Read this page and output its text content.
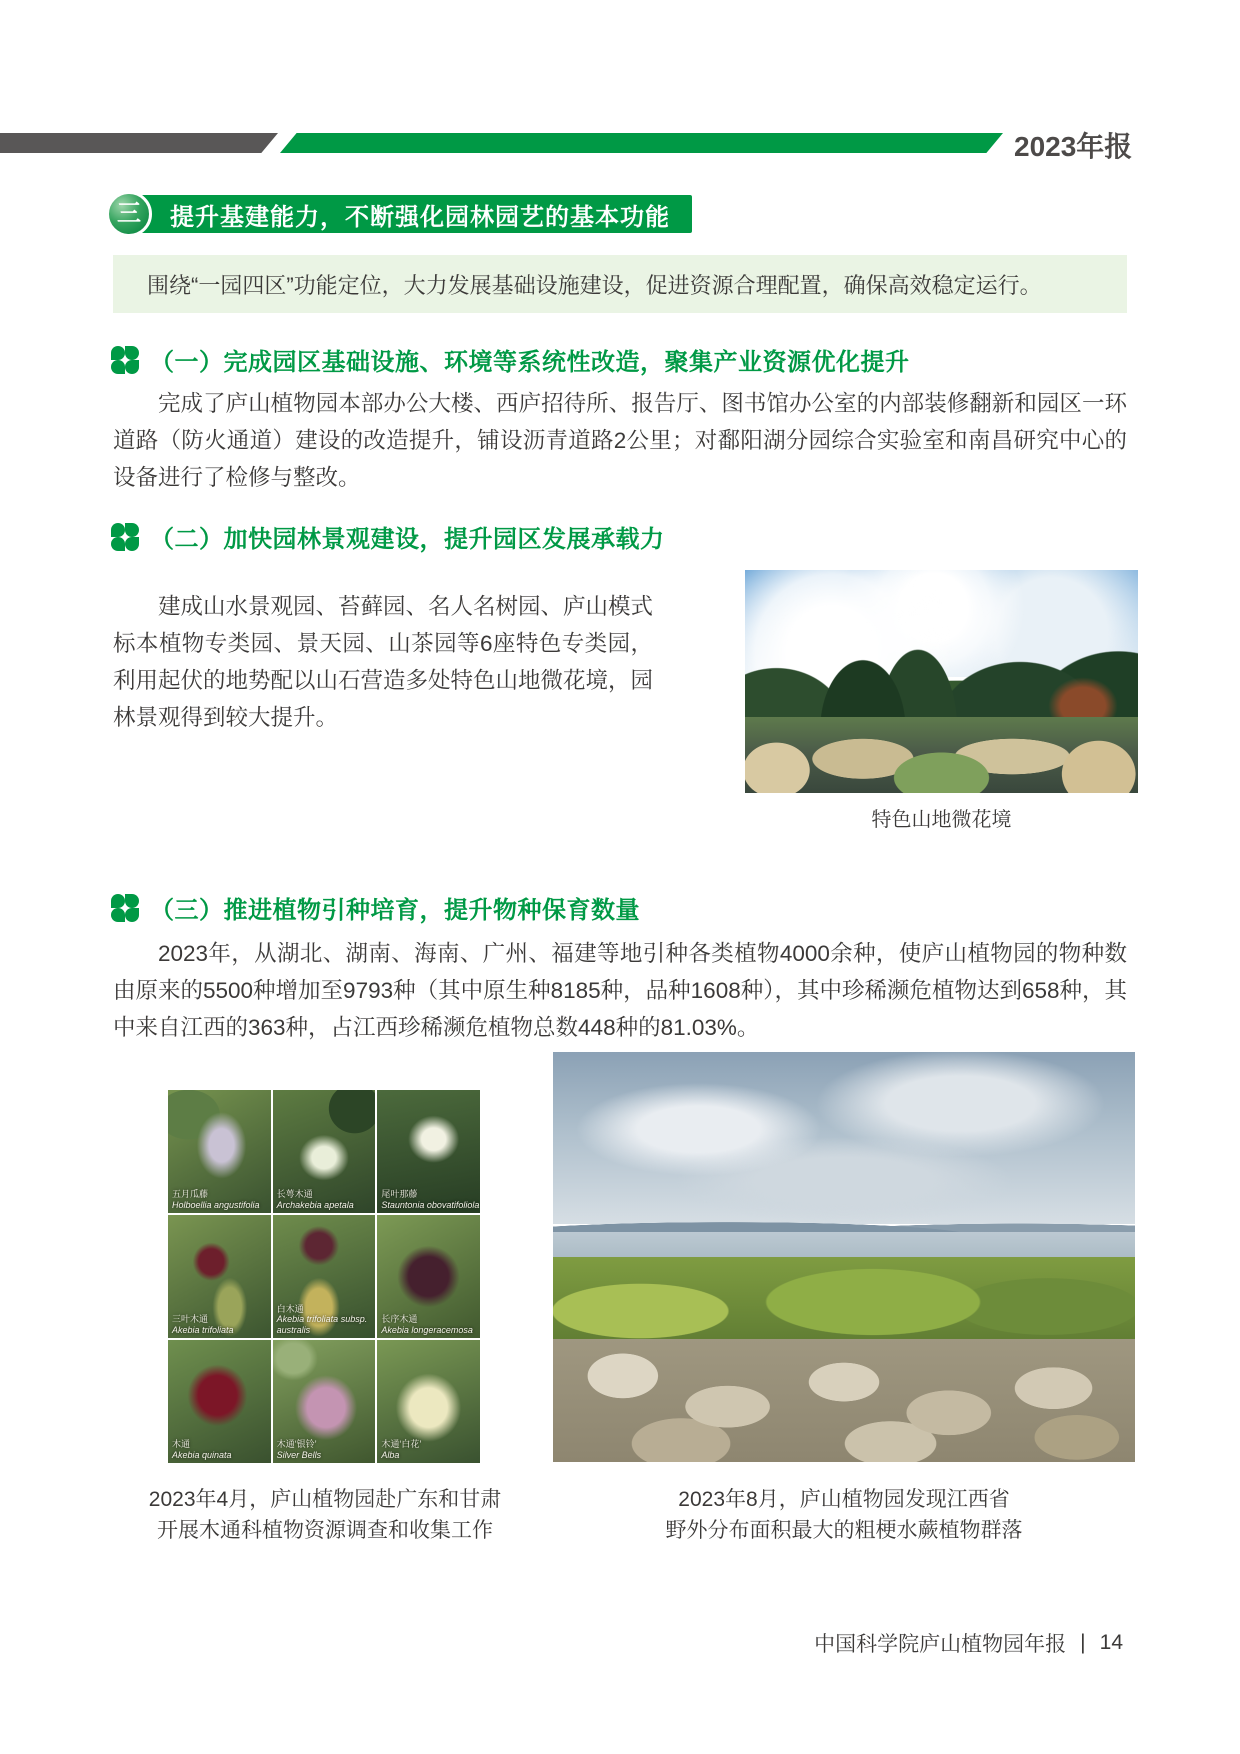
2023年报
三 提升基建能力，不断强化园林园艺的基本功能

围绕“一园四区”功能定位，大力发展基础设施建设，促进资源合理配置，确保高效稳定运行。

（一）完成园区基础设施、环境等系统性改造，聚集产业资源优化提升
完成了庐山植物园本部办公大楼、西庐招待所、报告厅、图书馆办公室的内部装修翻新和园区一环道路（防火通道）建设的改造提升，铺设沥青道路2公里；对鄱阳湖分园综合实验室和南昌研究中心的设备进行了检修与整改。
（二）加快园林景观建设，提升园区发展承载力
建成山水景观园、苔藓园、名人名树园、庐山模式标本植物专类园、景天园、山茶园等6座特色专类园，利用起伏的地势配以山石营造多处特色山地微花境，园林景观得到较大提升。
特色山地微花境
（三）推进植物引种培育，提升物种保育数量
2023年，从湖北、湖南、海南、广州、福建等地引种各类植物4000余种，使庐山植物园的物种数由原来的5500种增加至9793种（其中原生种8185种，品种1608种），其中珍稀濒危植物达到658种，其中来自江西的363种，占江西珍稀濒危植物总数448种的81.03%。
五月瓜藤
Holboellia angustifolia
长萼木通
Archakebia apetala
尾叶那藤
Stauntonia obovatifoliola
三叶木通
Akebia trifoliata
白木通
Akebia trifoliata subsp. australis
长序木通
Akebia longeracemosa
木通
Akebia quinata
木通‘银铃’
Silver Bells
木通‘白花’
Alba
2023年4月，庐山植物园赴广东和甘肃
开展木通科植物资源调查和收集工作
2023年8月，庐山植物园发现江西省
野外分布面积最大的粗梗水蕨植物群落
中国科学院庐山植物园年报 | 14
